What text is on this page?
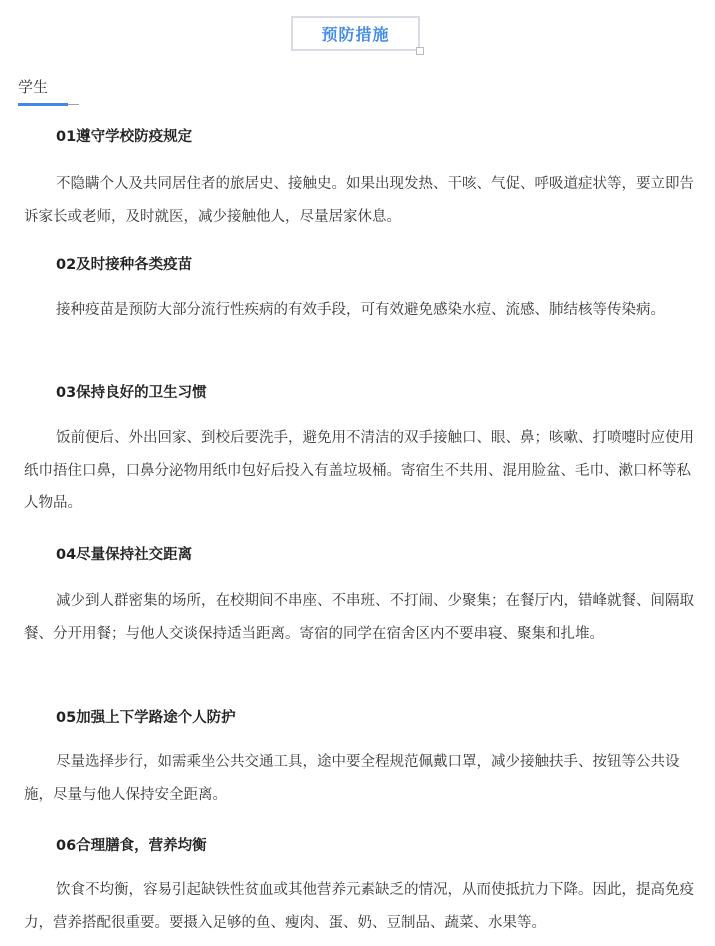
预防措施
学生
01遵守学校防疫规定
不隐瞒个人及共同居住者的旅居史、接触史。如果出现发热、干咳、气促、呼吸道症状等，要立即告诉家长或老师，及时就医，减少接触他人，尽量居家休息。
02及时接种各类疫苗
接种疫苗是预防大部分流行性疾病的有效手段，可有效避免感染水痘、流感、肺结核等传染病。
03保持良好的卫生习惯
饭前便后、外出回家、到校后要洗手，避免用不清洁的双手接触口、眼、鼻；咳嗽、打喷嚏时应使用纸巾捂住口鼻，口鼻分泌物用纸巾包好后投入有盖垃圾桶。寄宿生不共用、混用脸盆、毛巾、漱口杯等私人物品。
04尽量保持社交距离
减少到人群密集的场所，在校期间不串座、不串班、不打闹、少聚集；在餐厅内，错峰就餐、间隔取餐、分开用餐；与他人交谈保持适当距离。寄宿的同学在宿舍区内不要串寝、聚集和扎堆。
05加强上下学路途个人防护
尽量选择步行，如需乘坐公共交通工具，途中要全程规范佩戴口罩，减少接触扶手、按钮等公共设施，尽量与他人保持安全距离。
06合理膳食，营养均衡
饮食不均衡，容易引起缺铁性贫血或其他营养元素缺乏的情况，从而使抵抗力下降。因此，提高免疫力，营养搭配很重要。要摄入足够的鱼、瘦肉、蛋、奶、豆制品、蔬菜、水果等。
